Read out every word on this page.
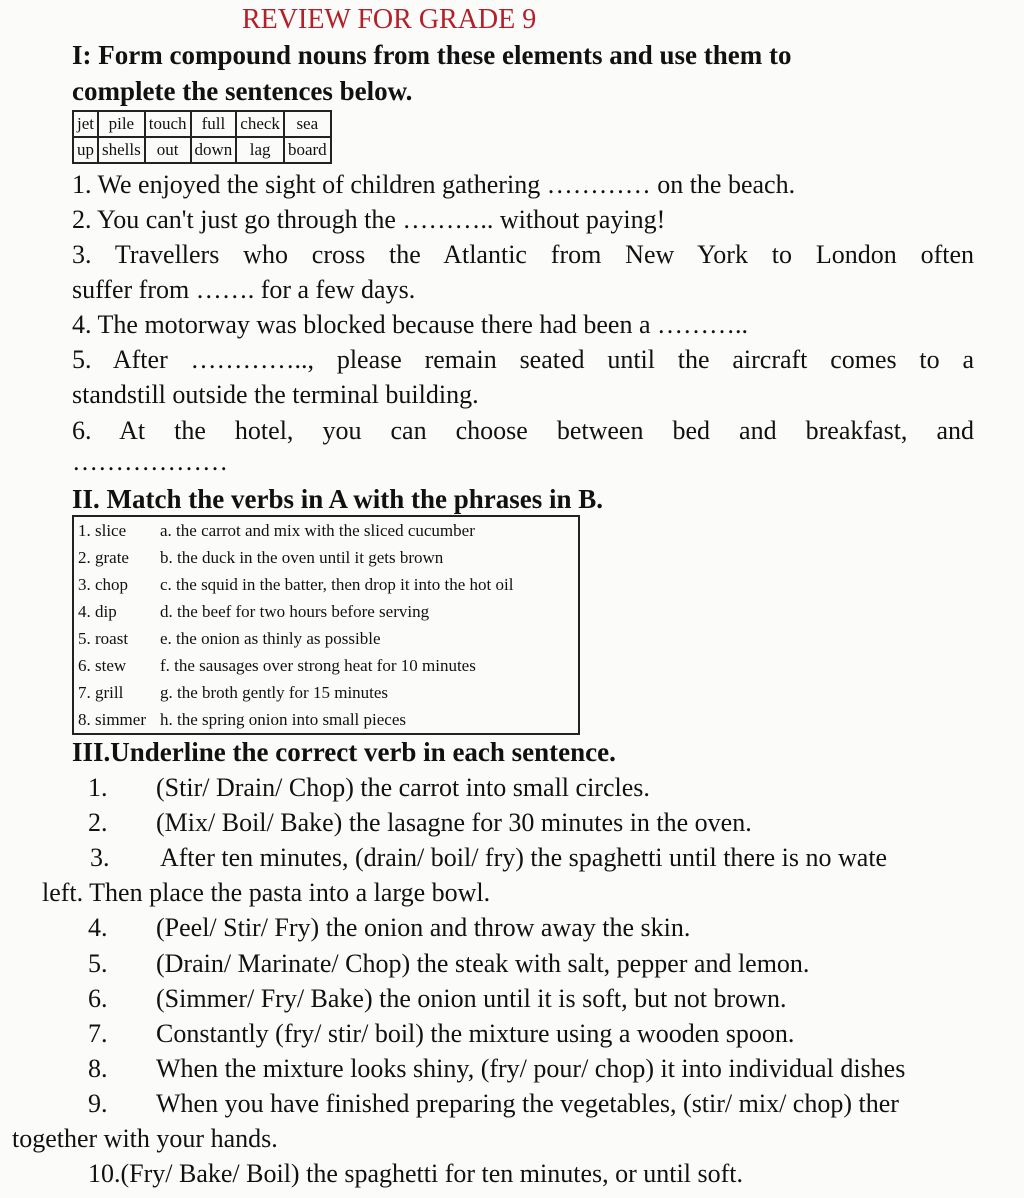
REVIEW FOR GRADE 9
I: Form compound nouns from these elements and use them to
complete the sentences below.
jet	pile	touch	full	check	sea
up	shells	out	down	lag	board
1. We enjoyed the sight of children gathering ………… on the beach.
2. You can't just go through the ……….. without paying!
3. Travellers who cross the Atlantic from New York to London often
suffer from ……. for a few days.
4. The motorway was blocked because there had been a ………..
5. After ………….., please remain seated until the aircraft comes to a
standstill outside the terminal building.
6. At the hotel, you can choose between bed and breakfast, and
………………
II. Match the verbs in A with the phrases in B.
1. slice a. the carrot and mix with the sliced cucumber
2. grate b. the duck in the oven until it gets brown
3. chop c. the squid in the batter, then drop it into the hot oil
4. dip	d. the beef for two hours before serving
5. roast e. the onion as thinly as possible
6. stew f. the sausages over strong heat for 10 minutes
7. grill g. the broth gently for 15 minutes
8. simmer h. the spring onion into small pieces
III.Underline the correct verb in each sentence.
1. (Stir/ Drain/ Chop) the carrot into small circles.
2. (Mix/ Boil/ Bake) the lasagne for 30 minutes in the oven.
3. After ten minutes, (drain/ boil/ fry) the spaghetti until there is no wate
left. Then place the pasta into a large bowl.
4. (Peel/ Stir/ Fry) the onion and throw away the skin.
5. (Drain/ Marinate/ Chop) the steak with salt, pepper and lemon.
6. (Simmer/ Fry/ Bake) the onion until it is soft, but not brown.
7. Constantly (fry/ stir/ boil) the mixture using a wooden spoon.
8. When the mixture looks shiny, (fry/ pour/ chop) it into individual dishes
9. When you have finished preparing the vegetables, (stir/ mix/ chop) ther
together with your hands.
10.(Fry/ Bake/ Boil) the spaghetti for ten minutes, or until soft.
